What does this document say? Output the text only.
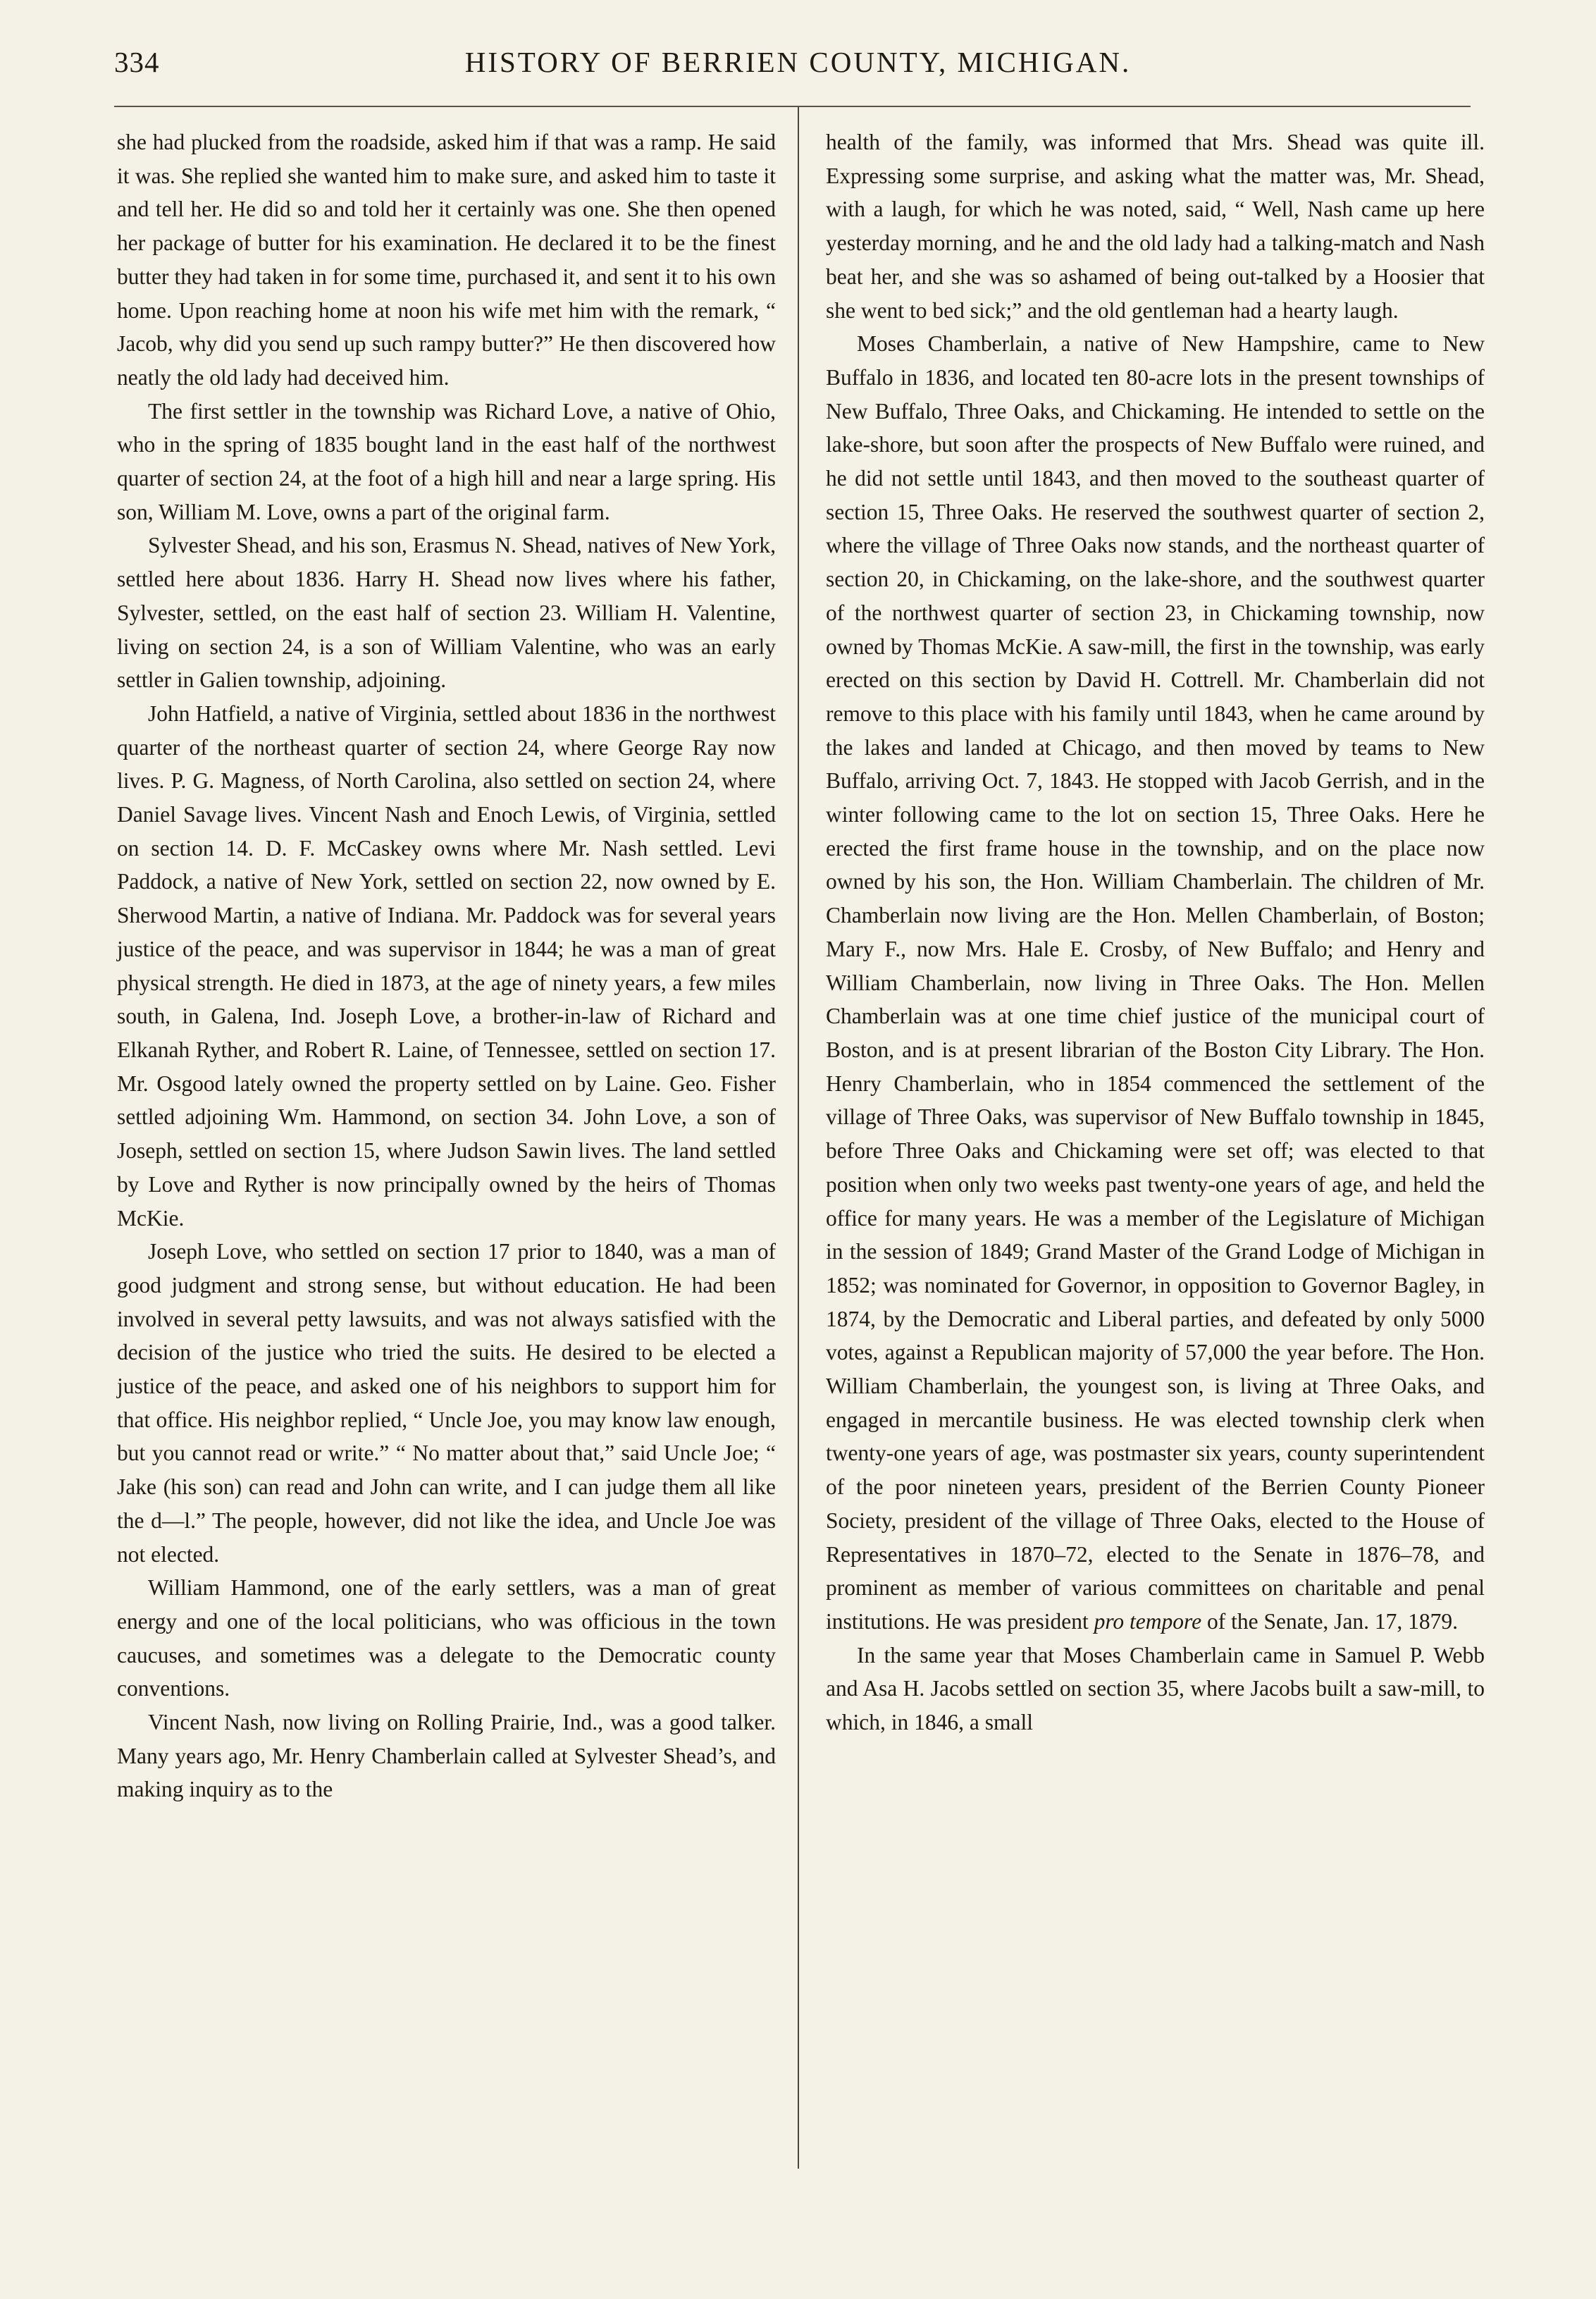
334	HISTORY OF BERRIEN COUNTY, MICHIGAN.

she had plucked from the roadside, asked him if that was a ramp. He said it was. She replied she wanted him to make sure, and asked him to taste it and tell her. He did so and told her it certainly was one. She then opened her package of butter for his examination. He declared it to be the finest butter they had taken in for some time, purchased it, and sent it to his own home. Upon reaching home at noon his wife met him with the remark, “ Jacob, why did you send up such rampy butter?” He then discovered how neatly the old lady had deceived him.

The first settler in the township was Richard Love, a native of Ohio, who in the spring of 1835 bought land in the east half of the northwest quarter of section 24, at the foot of a high hill and near a large spring. His son, William M. Love, owns a part of the original farm.

Sylvester Shead, and his son, Erasmus N. Shead, natives of New York, settled here about 1836. Harry H. Shead now lives where his father, Sylvester, settled, on the east half of section 23. William H. Valentine, living on section 24, is a son of William Valentine, who was an early settler in Galien township, adjoining.

John Hatfield, a native of Virginia, settled about 1836 in the northwest quarter of the northeast quarter of section 24, where George Ray now lives. P. G. Magness, of North Carolina, also settled on section 24, where Daniel Savage lives. Vincent Nash and Enoch Lewis, of Virginia, settled on section 14. D. F. McCaskey owns where Mr. Nash settled. Levi Paddock, a native of New York, settled on section 22, now owned by E. Sherwood Martin, a native of Indiana. Mr. Paddock was for several years justice of the peace, and was supervisor in 1844; he was a man of great physical strength. He died in 1873, at the age of ninety years, a few miles south, in Galena, Ind. Joseph Love, a brother-in-law of Richard and Elkanah Ryther, and Robert R. Laine, of Tennessee, settled on section 17. Mr. Osgood lately owned the property settled on by Laine. Geo. Fisher settled adjoining Wm. Hammond, on section 34. John Love, a son of Joseph, settled on section 15, where Judson Sawin lives. The land settled by Love and Ryther is now principally owned by the heirs of Thomas McKie.

Joseph Love, who settled on section 17 prior to 1840, was a man of good judgment and strong sense, but without education. He had been involved in several petty lawsuits, and was not always satisfied with the decision of the justice who tried the suits. He desired to be elected a justice of the peace, and asked one of his neighbors to support him for that office. His neighbor replied, “ Uncle Joe, you may know law enough, but you cannot read or write.” “ No matter about that,” said Uncle Joe; “ Jake (his son) can read and John can write, and I can judge them all like the d—l.” The people, however, did not like the idea, and Uncle Joe was not elected.

William Hammond, one of the early settlers, was a man of great energy and one of the local politicians, who was officious in the town caucuses, and sometimes was a delegate to the Democratic county conventions.

Vincent Nash, now living on Rolling Prairie, Ind., was a good talker. Many years ago, Mr. Henry Chamberlain called at Sylvester Shead’s, and making inquiry as to the

health of the family, was informed that Mrs. Shead was quite ill. Expressing some surprise, and asking what the matter was, Mr. Shead, with a laugh, for which he was noted, said, “ Well, Nash came up here yesterday morning, and he and the old lady had a talking-match and Nash beat her, and she was so ashamed of being out-talked by a Hoosier that she went to bed sick;” and the old gentleman had a hearty laugh.

Moses Chamberlain, a native of New Hampshire, came to New Buffalo in 1836, and located ten 80-acre lots in the present townships of New Buffalo, Three Oaks, and Chickaming. He intended to settle on the lake-shore, but soon after the prospects of New Buffalo were ruined, and he did not settle until 1843, and then moved to the southeast quarter of section 15, Three Oaks. He reserved the southwest quarter of section 2, where the village of Three Oaks now stands, and the northeast quarter of section 20, in Chickaming, on the lake-shore, and the southwest quarter of the northwest quarter of section 23, in Chickaming township, now owned by Thomas McKie. A saw-mill, the first in the township, was early erected on this section by David H. Cottrell. Mr. Chamberlain did not remove to this place with his family until 1843, when he came around by the lakes and landed at Chicago, and then moved by teams to New Buffalo, arriving Oct. 7, 1843. He stopped with Jacob Gerrish, and in the winter following came to the lot on section 15, Three Oaks. Here he erected the first frame house in the township, and on the place now owned by his son, the Hon. William Chamberlain. The children of Mr. Chamberlain now living are the Hon. Mellen Chamberlain, of Boston; Mary F., now Mrs. Hale E. Crosby, of New Buffalo; and Henry and William Chamberlain, now living in Three Oaks. The Hon. Mellen Chamberlain was at one time chief justice of the municipal court of Boston, and is at present librarian of the Boston City Library. The Hon. Henry Chamberlain, who in 1854 commenced the settlement of the village of Three Oaks, was supervisor of New Buffalo township in 1845, before Three Oaks and Chickaming were set off; was elected to that position when only two weeks past twenty-one years of age, and held the office for many years. He was a member of the Legislature of Michigan in the session of 1849; Grand Master of the Grand Lodge of Michigan in 1852; was nominated for Governor, in opposition to Governor Bagley, in 1874, by the Democratic and Liberal parties, and defeated by only 5000 votes, against a Republican majority of 57,000 the year before. The Hon. William Chamberlain, the youngest son, is living at Three Oaks, and engaged in mercantile business. He was elected township clerk when twenty-one years of age, was postmaster six years, county superintendent of the poor nineteen years, president of the Berrien County Pioneer Society, president of the village of Three Oaks, elected to the House of Representatives in 1870–72, elected to the Senate in 1876–78, and prominent as member of various committees on charitable and penal institutions. He was president pro tempore of the Senate, Jan. 17, 1879.

In the same year that Moses Chamberlain came in Samuel P. Webb and Asa H. Jacobs settled on section 35, where Jacobs built a saw-mill, to which, in 1846, a small
